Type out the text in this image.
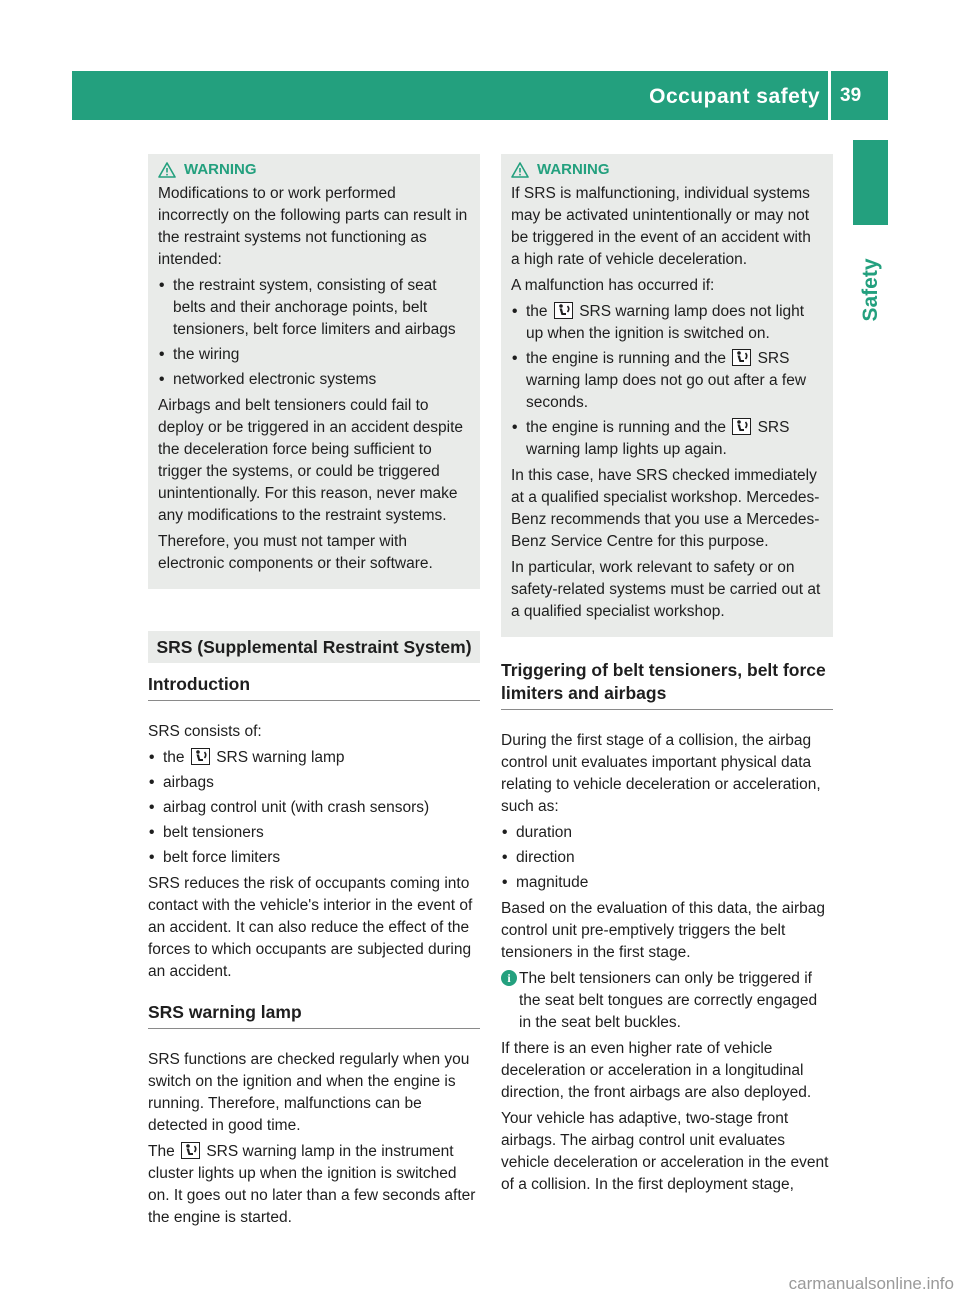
Occupant safety 39
Safety
WARNING

Modifications to or work performed incorrectly on the following parts can result in the restraint systems not functioning as intended:

• the restraint system, consisting of seat belts and their anchorage points, belt tensioners, belt force limiters and airbags
• the wiring
• networked electronic systems

Airbags and belt tensioners could fail to deploy or be triggered in an accident despite the deceleration force being sufficient to trigger the systems, or could be triggered unintentionally. For this reason, never make any modifications to the restraint systems.

Therefore, you must not tamper with electronic components or their software.

SRS (Supplemental Restraint System)
Introduction

SRS consists of:

• the SRS warning lamp
• airbags
• airbag control unit (with crash sensors)
• belt tensioners
• belt force limiters

SRS reduces the risk of occupants coming into contact with the vehicle's interior in the event of an accident. It can also reduce the effect of the forces to which occupants are subjected during an accident.

SRS warning lamp

SRS functions are checked regularly when you switch on the ignition and when the engine is running. Therefore, malfunctions can be detected in good time.

The SRS warning lamp in the instrument cluster lights up when the ignition is switched on. It goes out no later than a few seconds after the engine is started.

WARNING

If SRS is malfunctioning, individual systems may be activated unintentionally or may not be triggered in the event of an accident with a high rate of vehicle deceleration.

A malfunction has occurred if:

• the SRS warning lamp does not light up when the ignition is switched on.
• the engine is running and the SRS warning lamp does not go out after a few seconds.
• the engine is running and the SRS warning lamp lights up again.

In this case, have SRS checked immediately at a qualified specialist workshop. Mercedes-Benz recommends that you use a Mercedes-Benz Service Centre for this purpose.

In particular, work relevant to safety or on safety-related systems must be carried out at a qualified specialist workshop.

Triggering of belt tensioners, belt force limiters and airbags

During the first stage of a collision, the airbag control unit evaluates important physical data relating to vehicle deceleration or acceleration, such as:

• duration
• direction
• magnitude

Based on the evaluation of this data, the airbag control unit pre-emptively triggers the belt tensioners in the first stage.

i The belt tensioners can only be triggered if the seat belt tongues are correctly engaged in the seat belt buckles.

If there is an even higher rate of vehicle deceleration or acceleration in a longitudinal direction, the front airbags are also deployed.

Your vehicle has adaptive, two-stage front airbags. The airbag control unit evaluates vehicle deceleration or acceleration in the event of a collision. In the first deployment stage,

carmanualsonline.info
